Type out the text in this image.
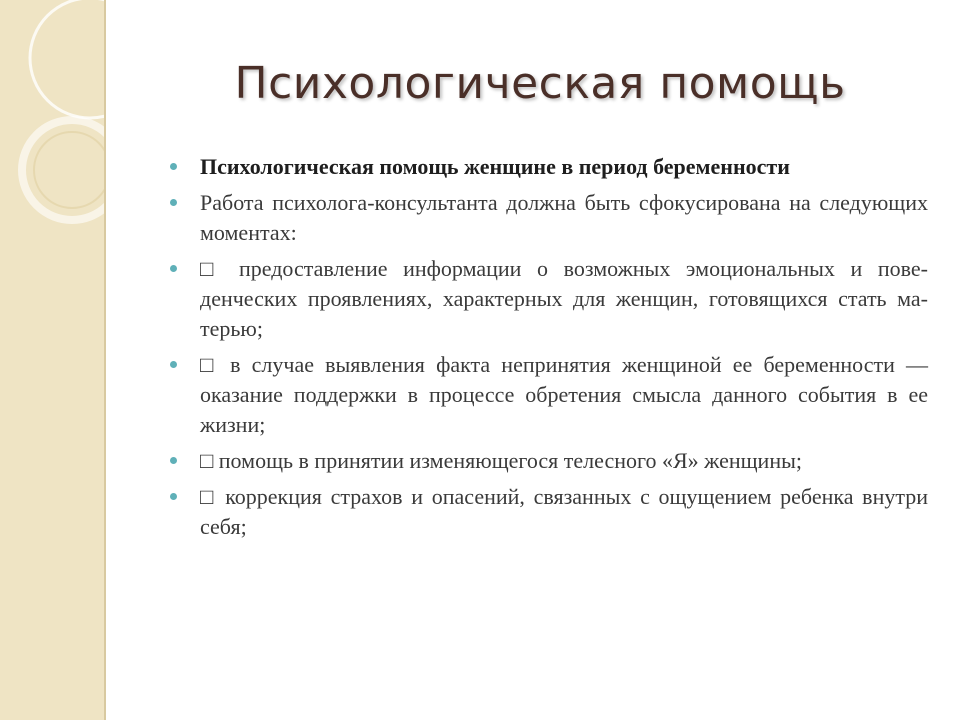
Психологическая помощь
Психологическая помощь женщине в период беременности
Работа психолога-консультанта должна быть сфокусирована на следующих моментах:
□ предоставление информации о возможных эмоциональных и пове-денческих проявлениях, характерных для женщин, готовящихся стать ма-терью;
□ в случае выявления факта непринятия женщиной ее беременности — оказание поддержки в процессе обретения смысла данного события в ее жизни;
□ помощь в принятии изменяющегося телесного «Я» женщины;
□ коррекция страхов и опасений, связанных с ощущением ребенка внутри себя;
